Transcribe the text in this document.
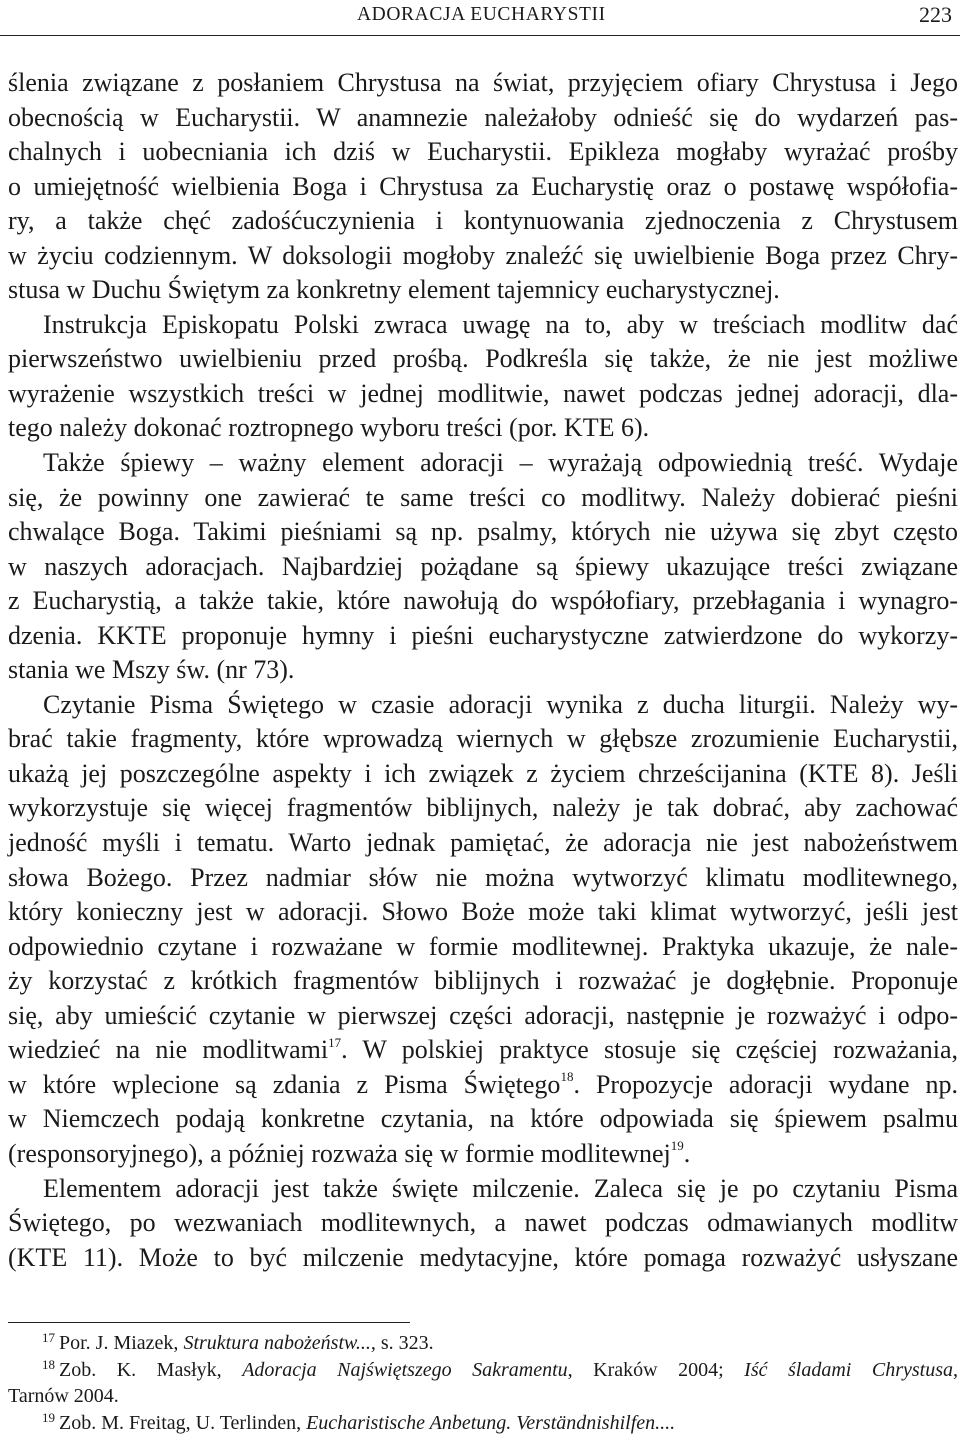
ADORACJA EUCHARYSTII	223
ślenia związane z posłaniem Chrystusa na świat, przyjęciem ofiary Chrystusa i Jego
obecnością w Eucharystii. W anamnezie należałoby odnieść się do wydarzeń pas-
chalnych i uobecniania ich dziś w Eucharystii. Epikleza mogłaby wyrażać prośby
o umiejętność wielbienia Boga i Chrystusa za Eucharystię oraz o postawę współofia-
ry, a także chęć zadośćuczynienia i kontynuowania zjednoczenia z Chrystusem
w życiu codziennym. W doksologii mogłoby znaleźć się uwielbienie Boga przez Chry-
stusa w Duchu Świętym za konkretny element tajemnicy eucharystycznej.
Instrukcja Episkopatu Polski zwraca uwagę na to, aby w treściach modlitw dać
pierwszeństwo uwielbieniu przed prośbą. Podkreśla się także, że nie jest możliwe
wyrażenie wszystkich treści w jednej modlitwie, nawet podczas jednej adoracji, dla-
tego należy dokonać roztropnego wyboru treści (por. KTE 6).
Także śpiewy – ważny element adoracji – wyrażają odpowiednią treść. Wydaje
się, że powinny one zawierać te same treści co modlitwy. Należy dobierać pieśni
chwalące Boga. Takimi pieśniami są np. psalmy, których nie używa się zbyt często
w naszych adoracjach. Najbardziej pożądane są śpiewy ukazujące treści związane
z Eucharystią, a także takie, które nawołują do współofiary, przebłagania i wynagro-
dzenia. KKTE proponuje hymny i pieśni eucharystyczne zatwierdzone do wykorzy-
stania we Mszy św. (nr 73).
Czytanie Pisma Świętego w czasie adoracji wynika z ducha liturgii. Należy wy-
brać takie fragmenty, które wprowadzą wiernych w głębsze zrozumienie Eucharystii,
ukażą jej poszczególne aspekty i ich związek z życiem chrześcijanina (KTE 8). Jeśli
wykorzystuje się więcej fragmentów biblijnych, należy je tak dobrać, aby zachować
jedność myśli i tematu. Warto jednak pamiętać, że adoracja nie jest nabożeństwem
słowa Bożego. Przez nadmiar słów nie można wytworzyć klimatu modlitewnego,
który konieczny jest w adoracji. Słowo Boże może taki klimat wytworzyć, jeśli jest
odpowiednio czytane i rozważane w formie modlitewnej. Praktyka ukazuje, że nale-
ży korzystać z krótkich fragmentów biblijnych i rozważać je dogłębnie. Proponuje
się, aby umieścić czytanie w pierwszej części adoracji, następnie je rozważyć i odpo-
wiedzieć na nie modlitwami$^{17}$. W polskiej praktyce stosuje się częściej rozważania,
w które wplecione są zdania z Pisma Świętego$^{18}$. Propozycje adoracji wydane np.
w Niemczech podają konkretne czytania, na które odpowiada się śpiewem psalmu
(responsoryjnego), a później rozważa się w formie modlitewnej$^{19}$.
Elementem adoracji jest także święte milczenie. Zaleca się je po czytaniu Pisma
Świętego, po wezwaniach modlitewnych, a nawet podczas odmawianych modlitw
(KTE 11). Może to być milczenie medytacyjne, które pomaga rozważyć usłyszane
$^{17}$ Por. J. Miazek, Struktura nabożeństw..., s. 323.
$^{18}$ Zob. K. Masłyk, Adoracja Najświętszego Sakramentu, Kraków 2004; Iść śladami Chrystusa,
Tarnów 2004.
$^{19}$ Zob. M. Freitag, U. Terlinden, Eucharistische Anbetung. Verständnishilfen....
